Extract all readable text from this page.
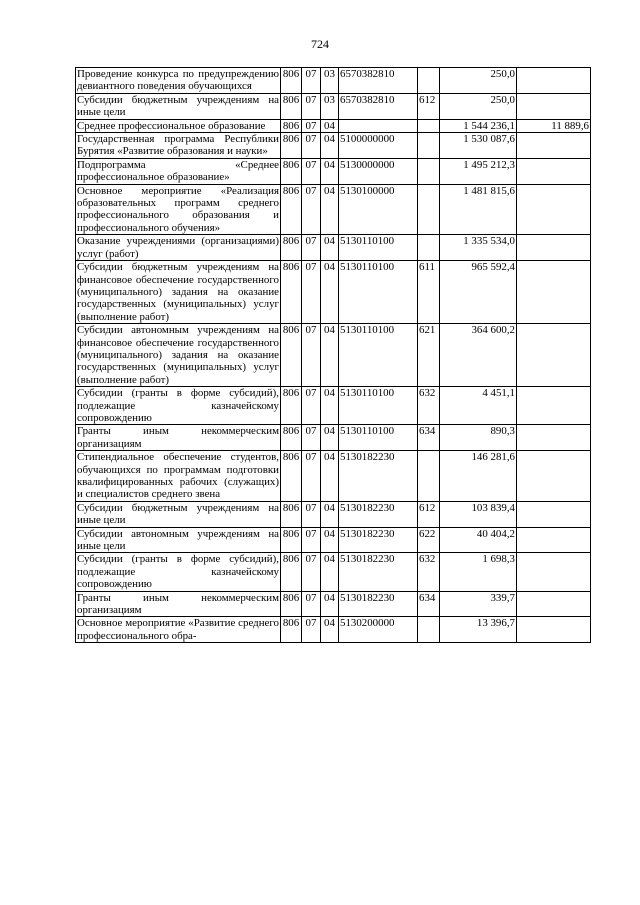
724
Проведение конкурса по предупреждению девиантного поведения обучающихся	806	07	03	6570382810		250,0	
Субсидии бюджетным учреждениям на иные цели	806	07	03	6570382810	612	250,0	
Среднее профессиональное образование	806	07	04			1 544 236,1	11 889,6
Государственная программа Республики Бурятия «Развитие образования и науки»	806	07	04	5100000000		1 530 087,6	
Подпрограмма «Среднее профессиональное образование»	806	07	04	5130000000		1 495 212,3	
Основное мероприятие «Реализация образовательных программ среднего профессионального образования и профессионального обучения»	806	07	04	5130100000		1 481 815,6	
Оказание учреждениями (организациями) услуг (работ)	806	07	04	5130110100		1 335 534,0	
Субсидии бюджетным учреждениям на финансовое обеспечение государственного (муниципального) задания на оказание государственных (муниципальных) услуг (выполнение работ)	806	07	04	5130110100	611	965 592,4	
Субсидии автономным учреждениям на финансовое обеспечение государственного (муниципального) задания на оказание государственных (муниципальных) услуг (выполнение работ)	806	07	04	5130110100	621	364 600,2	
Субсидии (гранты в форме субсидий), подлежащие казначейскому сопровождению	806	07	04	5130110100	632	4 451,1	
Гранты иным некоммерческим организациям	806	07	04	5130110100	634	890,3	
Стипендиальное обеспечение студентов, обучающихся по программам подготовки квалифицированных рабочих (служащих) и специалистов среднего звена	806	07	04	5130182230		146 281,6	
Субсидии бюджетным учреждениям на иные цели	806	07	04	5130182230	612	103 839,4	
Субсидии автономным учреждениям на иные цели	806	07	04	5130182230	622	40 404,2	
Субсидии (гранты в форме субсидий), подлежащие казначейскому сопровождению	806	07	04	5130182230	632	1 698,3	
Гранты иным некоммерческим организациям	806	07	04	5130182230	634	339,7	
Основное мероприятие «Развитие среднего профессионального обра-	806	07	04	5130200000		13 396,7	
